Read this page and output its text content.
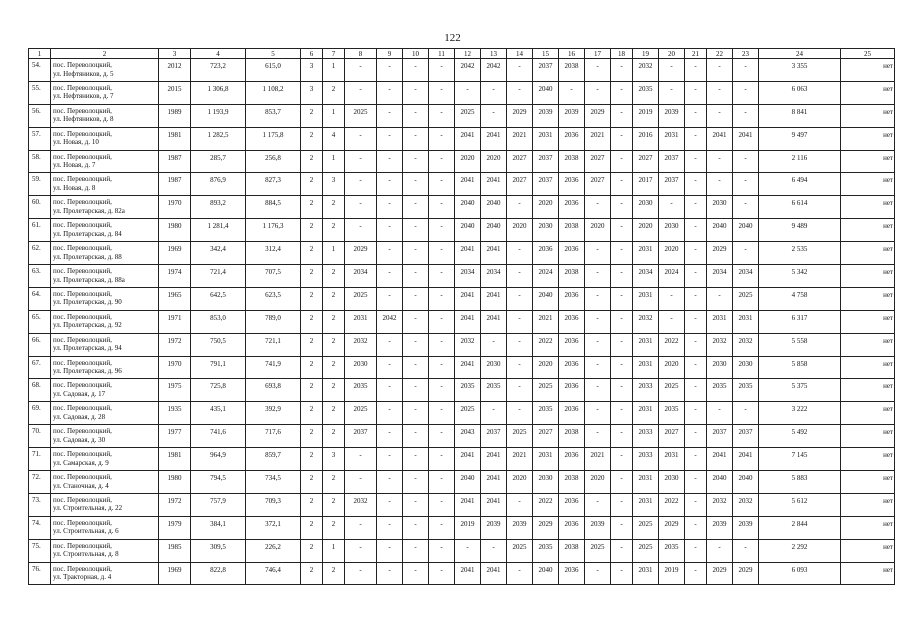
122
1	2	3	4	5	6	7	8	9	10	11	12	13	14	15	16	17	18	19	20	21	22	23	24	25
54.	пос. Переволоцкий,
ул. Нефтяников, д. 5	2012	723,2	615,0	3	1	-	-	-	-	2042	2042	-	2037	2038	-	-	2032	-	-	-	-	3 355	нет
55.	пос. Переволоцкий,
ул. Нефтяников, д. 7	2015	1 306,8	1 108,2	3	2	-	-	-	-	-	-	-	2040	-	-	-	2035	-	-	-	-	6 063	нет
56.	пос. Переволоцкий,
ул. Нефтяников, д. 8	1989	1 193,9	853,7	2	1	2025	-	-	-	2025	-	2029	2039	2039	2029	-	2019	2039	-	-	-	8 841	нет
57.	пос. Переволоцкий,
ул. Новая, д. 10	1981	1 282,5	1 175,8	2	4	-	-	-	-	2041	2041	2021	2031	2036	2021	-	2016	2031	-	2041	2041	9 497	нет
58.	пос. Переволоцкий,
ул. Новая, д. 7	1987	285,7	256,8	2	1	-	-	-	-	2020	2020	2027	2037	2038	2027	-	2027	2037	-	-	-	2 116	нет
59.	пос. Переволоцкий,
ул. Новая, д. 8	1987	876,9	827,3	2	3	-	-	-	-	2041	2041	2027	2037	2036	2027	-	2017	2037	-	-	-	6 494	нет
60.	пос. Переволоцкий,
ул. Пролетарская, д. 82а	1970	893,2	884,5	2	2	-	-	-	-	2040	2040	-	2020	2036	-	-	2030	-	-	2030	-	6 614	нет
61.	пос. Переволоцкий,
ул. Пролетарская, д. 84	1980	1 281,4	1 176,3	2	2	-	-	-	-	2040	2040	2020	2030	2038	2020	-	2020	2030	-	2040	2040	9 489	нет
62.	пос. Переволоцкий,
ул. Пролетарская, д. 88	1969	342,4	312,4	2	1	2029	-	-	-	2041	2041	-	2036	2036	-	-	2031	2020	-	2029	-	2 535	нет
63.	пос. Переволоцкий,
ул. Пролетарская, д. 88а	1974	721,4	707,5	2	2	2034	-	-	-	2034	2034	-	2024	2038	-	-	2034	2024	-	2034	2034	5 342	нет
64.	пос. Переволоцкий,
ул. Пролетарская, д. 90	1965	642,5	623,5	2	2	2025	-	-	-	2041	2041	-	2040	2036	-	-	2031	-	-	-	2025	4 758	нет
65.	пос. Переволоцкий,
ул. Пролетарская, д. 92	1971	853,0	789,0	2	2	2031	2042	-	-	2041	2041	-	2021	2036	-	-	2032	-	-	2031	2031	6 317	нет
66.	пос. Переволоцкий,
ул. Пролетарская, д. 94	1972	750,5	721,1	2	2	2032	-	-	-	2032	-	-	2022	2036	-	-	2031	2022	-	2032	2032	5 558	нет
67.	пос. Переволоцкий,
ул. Пролетарская, д. 96	1970	791,1	741,9	2	2	2030	-	-	-	2041	2030	-	2020	2036	-	-	2031	2020	-	2030	2030	5 858	нет
68.	пос. Переволоцкий,
ул. Садовая, д. 17	1975	725,8	693,8	2	2	2035	-	-	-	2035	2035	-	2025	2036	-	-	2033	2025	-	2035	2035	5 375	нет
69.	пос. Переволоцкий,
ул. Садовая, д. 28	1935	435,1	392,9	2	2	2025	-	-	-	2025	-	-	2035	2036	-	-	2031	2035	-	-	-	3 222	нет
70.	пос. Переволоцкий,
ул. Садовая, д. 30	1977	741,6	717,6	2	2	2037	-	-	-	2043	2037	2025	2027	2038	-	-	2033	2027	-	2037	2037	5 492	нет
71.	пос. Переволоцкий,
ул. Самарская, д. 9	1981	964,9	859,7	2	3	-	-	-	-	2041	2041	2021	2031	2036	2021	-	2033	2031	-	2041	2041	7 145	нет
72.	пос. Переволоцкий,
ул. Станочная, д. 4	1980	794,5	734,5	2	2	-	-	-	-	2040	2041	2020	2030	2038	2020	-	2031	2030	-	2040	2040	5 883	нет
73.	пос. Переволоцкий,
ул. Строительная, д. 22	1972	757,9	709,3	2	2	2032	-	-	-	2041	2041	-	2022	2036	-	-	2031	2022	-	2032	2032	5 612	нет
74.	пос. Переволоцкий,
ул. Строительная, д. 6	1979	384,1	372,1	2	2	-	-	-	-	2019	2039	2039	2029	2036	2039	-	2025	2029	-	2039	2039	2 844	нет
75.	пос. Переволоцкий,
ул. Строительная, д. 8	1985	309,5	226,2	2	1	-	-	-	-	-	-	2025	2035	2038	2025	-	2025	2035	-	-	-	2 292	нет
76.	пос. Переволоцкий,
ул. Тракторная, д. 4	1969	822,8	746,4	2	2	-	-	-	-	2041	2041	-	2040	2036	-	-	2031	2019	-	2029	2029	6 093	нет
